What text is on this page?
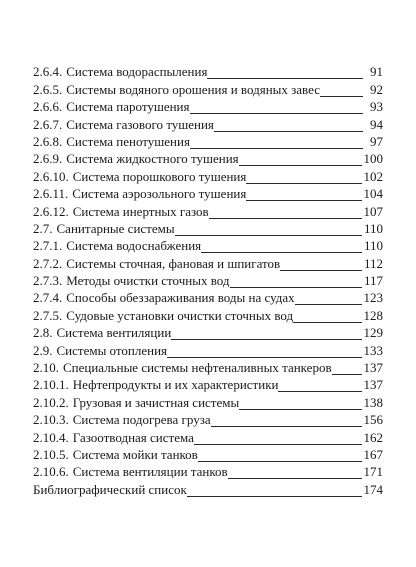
2.6.4. Система водораспыления	91
2.6.5. Системы водяного орошения и водяных завес	92
2.6.6. Система паротушения	93
2.6.7. Система газового тушения	94
2.6.8. Система пенотушения	97
2.6.9. Система жидкостного тушения	100
2.6.10. Система порошкового тушения	102
2.6.11. Система аэрозольного тушения	104
2.6.12. Система инертных газов	107
2.7. Санитарные системы	110
2.7.1. Система водоснабжения	110
2.7.2. Системы сточная, фановая и шпигатов	112
2.7.3. Методы очистки сточных вод	117
2.7.4. Способы обеззараживания воды на судах	123
2.7.5. Судовые установки очистки сточных вод	128
2.8. Система вентиляции	129
2.9. Системы отопления	133
2.10. Специальные системы нефтеналивных танкеров 137
2.10.1. Нефтепродукты и их характеристики	137
2.10.2. Грузовая и зачистная системы	138
2.10.3. Система подогрева груза	156
2.10.4. Газоотводная система	162
2.10.5. Система мойки танков	167
2.10.6. Система вентиляции танков	171
Библиографический список	174
